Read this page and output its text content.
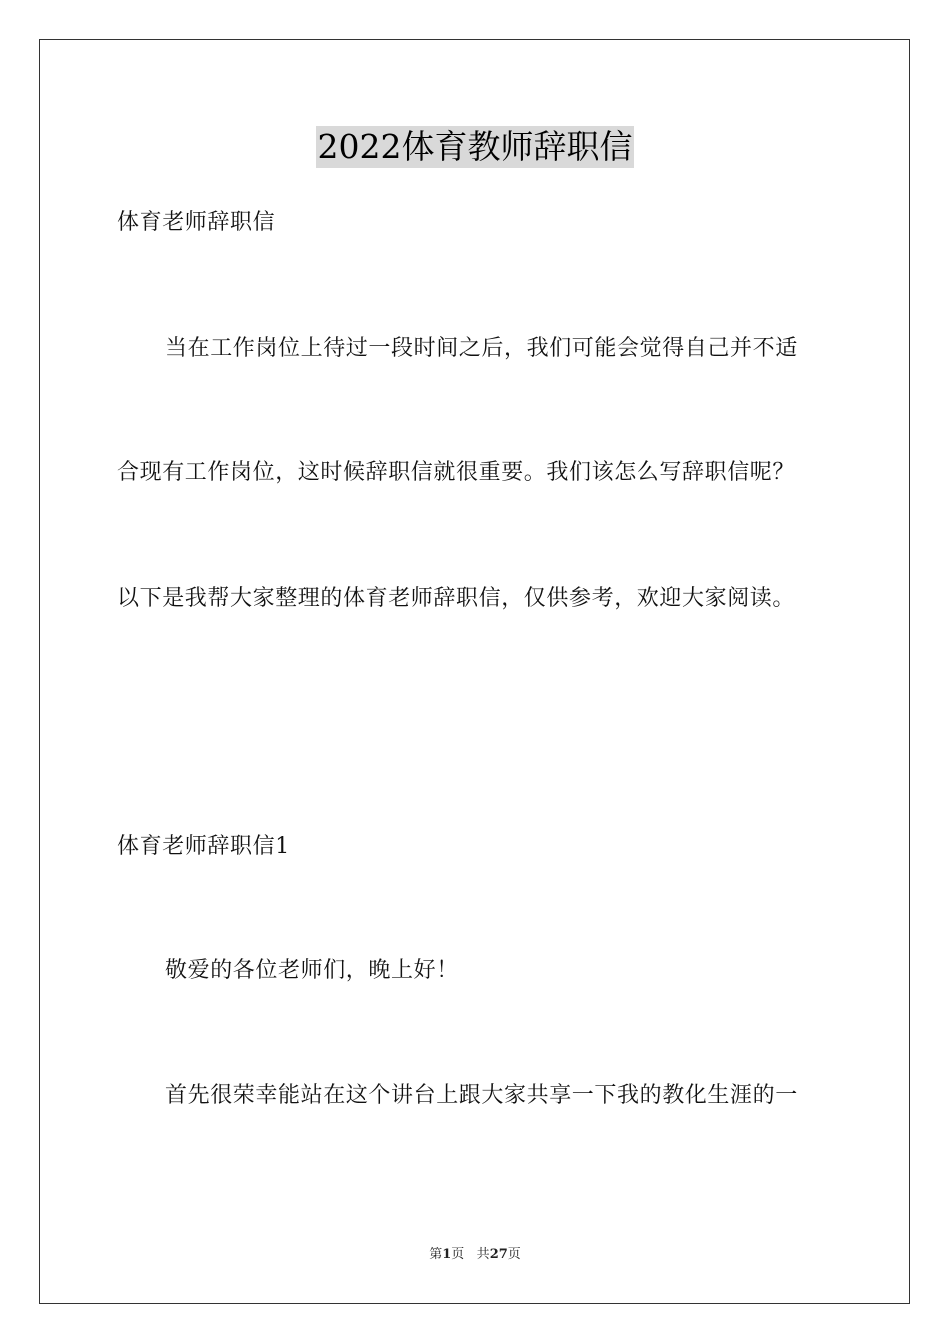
2022体育教师辞职信
体育老师辞职信
当在工作岗位上待过一段时间之后，我们可能会觉得自己并不适
合现有工作岗位，这时候辞职信就很重要。我们该怎么写辞职信呢？
以下是我帮大家整理的体育老师辞职信，仅供参考，欢迎大家阅读。
体育老师辞职信1
敬爱的各位老师们，晚上好！
首先很荣幸能站在这个讲台上跟大家共享一下我的教化生涯的一
第1页 共27页
